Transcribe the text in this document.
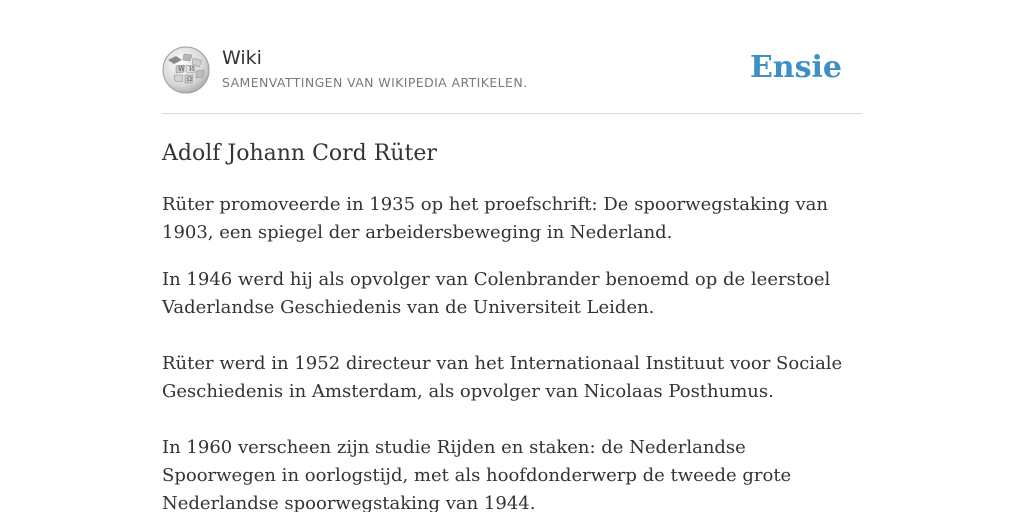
W
Ω
И
Wiki
SAMENVATTINGEN VAN WIKIPEDIA ARTIKELEN.	Ensie
Adolf Johann Cord Rüter

Rüter promoveerde in 1935 op het proefschrift: De spoorwegstaking van 1903, een spiegel der arbeidersbeweging in Nederland.

In 1946 werd hij als opvolger van Colenbrander benoemd op de leerstoel Vaderlandse Geschiedenis van de Universiteit Leiden.

Rüter werd in 1952 directeur van het Internationaal Instituut voor Sociale Geschiedenis in Amsterdam, als opvolger van Nicolaas Posthumus.

In 1960 verscheen zijn studie Rijden en staken: de Nederlandse Spoorwegen in oorlogstijd, met als hoofdonderwerp de tweede grote Nederlandse spoorwegstaking van 1944.
